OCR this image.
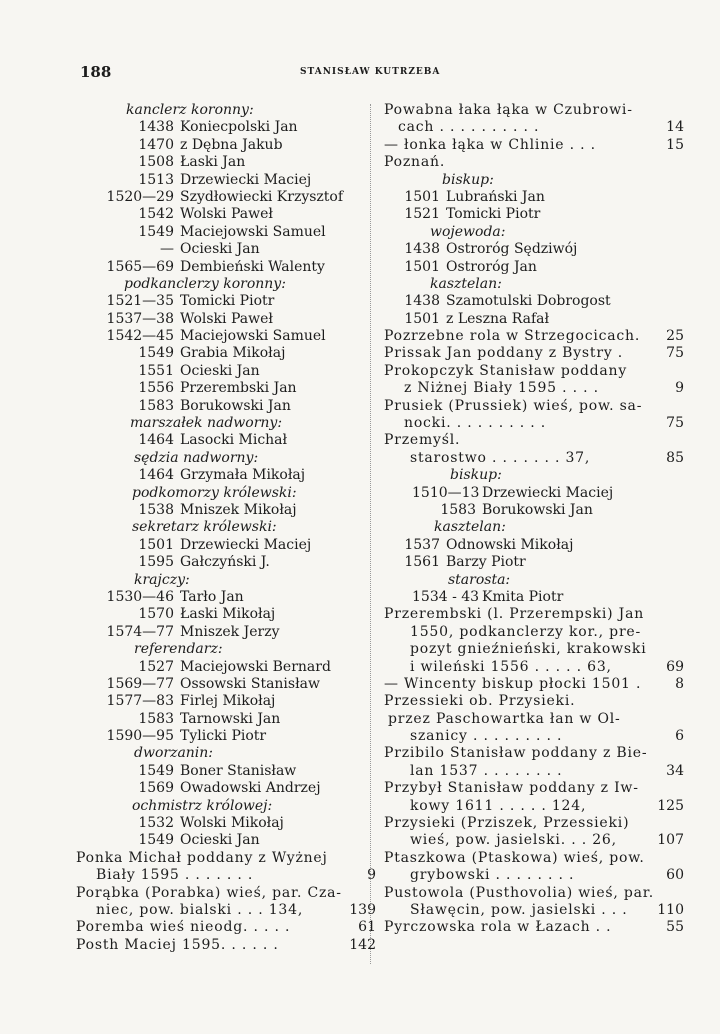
188	STANISŁAW KUTRZEBA
kanclerz koronny:
1438 Koniecpolski Jan
1470 z Dębna Jakub
1508 Łaski Jan
1513 Drzewiecki Maciej
1520—29 Szydłowiecki Krzysztof
1542 Wolski Paweł
1549 Maciejowski Samuel
— Ocieski Jan
1565—69 Dembieński Walenty
podkanclerzy koronny:
1521—35 Tomicki Piotr
1537—38 Wolski Paweł
1542—45 Maciejowski Samuel
1549 Grabia Mikołaj
1551 Ocieski Jan
1556 Przerembski Jan
1583 Borukowski Jan
marszałek nadworny:
1464 Lasocki Michał
sędzia nadworny:
1464 Grzymała Mikołaj
podkomorzy królewski:
1538 Mniszek Mikołaj
sekretarz królewski:
1501 Drzewiecki Maciej
1595 Gałczyński J.
krajczy:
1530—46 Tarło Jan
1570 Łaski Mikołaj
1574—77 Mniszek Jerzy
referendarz:
1527 Maciejowski Bernard
1569—77 Ossowski Stanisław
1577—83 Firlej Mikołaj
1583 Tarnowski Jan
1590—95 Tylicki Piotr
dworzanin:
1549 Boner Stanisław
1569 Owadowski Andrzej
ochmistrz królowej:
1532 Wolski Mikołaj
1549 Ocieski Jan
Ponka Michał poddany z Wyżnej
Biały 1595 . . . . . . .	9
Porąbka (Porabka) wieś, par. Cza-
niec, pow. bialski . . . 134,	139
Poremba wieś nieodg. . . . .	61
Posth Maciej 1595. . . . . .	142
Powabna łaka łąka w Czubrowi-
cach . . . . . . . . . .	14
— łonka łąka w Chlinie . . .	15
Poznań.
biskup:
1501 Lubrański Jan
1521 Tomicki Piotr
wojewoda:
1438 Ostroróg Sędziwój
1501 Ostroróg Jan
kasztelan:
1438 Szamotulski Dobrogost
1501 z Leszna Rafał
Pozrzebne rola w Strzegocicach. 25
Prissak Jan poddany z Bystry .	75
Prokopczyk Stanisław poddany
z Niżnej Biały 1595 . . . .	9
Prusiek (Prussiek) wieś, pow. sa-
nocki. . . . . . . . . .	75
Przemyśl.
starostwo . . . . . . . 37,	85
biskup:
1510—13 Drzewiecki Maciej
1583 Borukowski Jan
kasztelan:
1537 Odnowski Mikołaj
1561 Barzy Piotr
starosta:
1534 - 43 Kmita Piotr
Przerembski (l. Przerempski) Jan
1550, podkanclerzy kor., pre-
pozyt gnieźnieński, krakowski
i wileński 1556 . . . . . 63,	69
— Wincenty biskup płocki 1501 . 8
Przessieki ob. Przysieki.
przez Paschowartka łan w Ol-
szanicy . . . . . . . . .	6
Przibilo Stanisław poddany z Bie-
lan 1537 . . . . . . . .	34
Przybył Stanisław poddany z Iw-
kowy 1611 . . . . . 124,	125
Przysieki (Prziszek, Przessieki)
wieś, pow. jasielski. . . 26,	107
Ptaszkowa (Ptaskowa) wieś, pow.
grybowski . . . . . . . .	60
Pustowola (Pusthovolia) wieś, par.
Sławęcin, pow. jasielski . . . 110
Pyrczowska rola w Łazach . .	55
